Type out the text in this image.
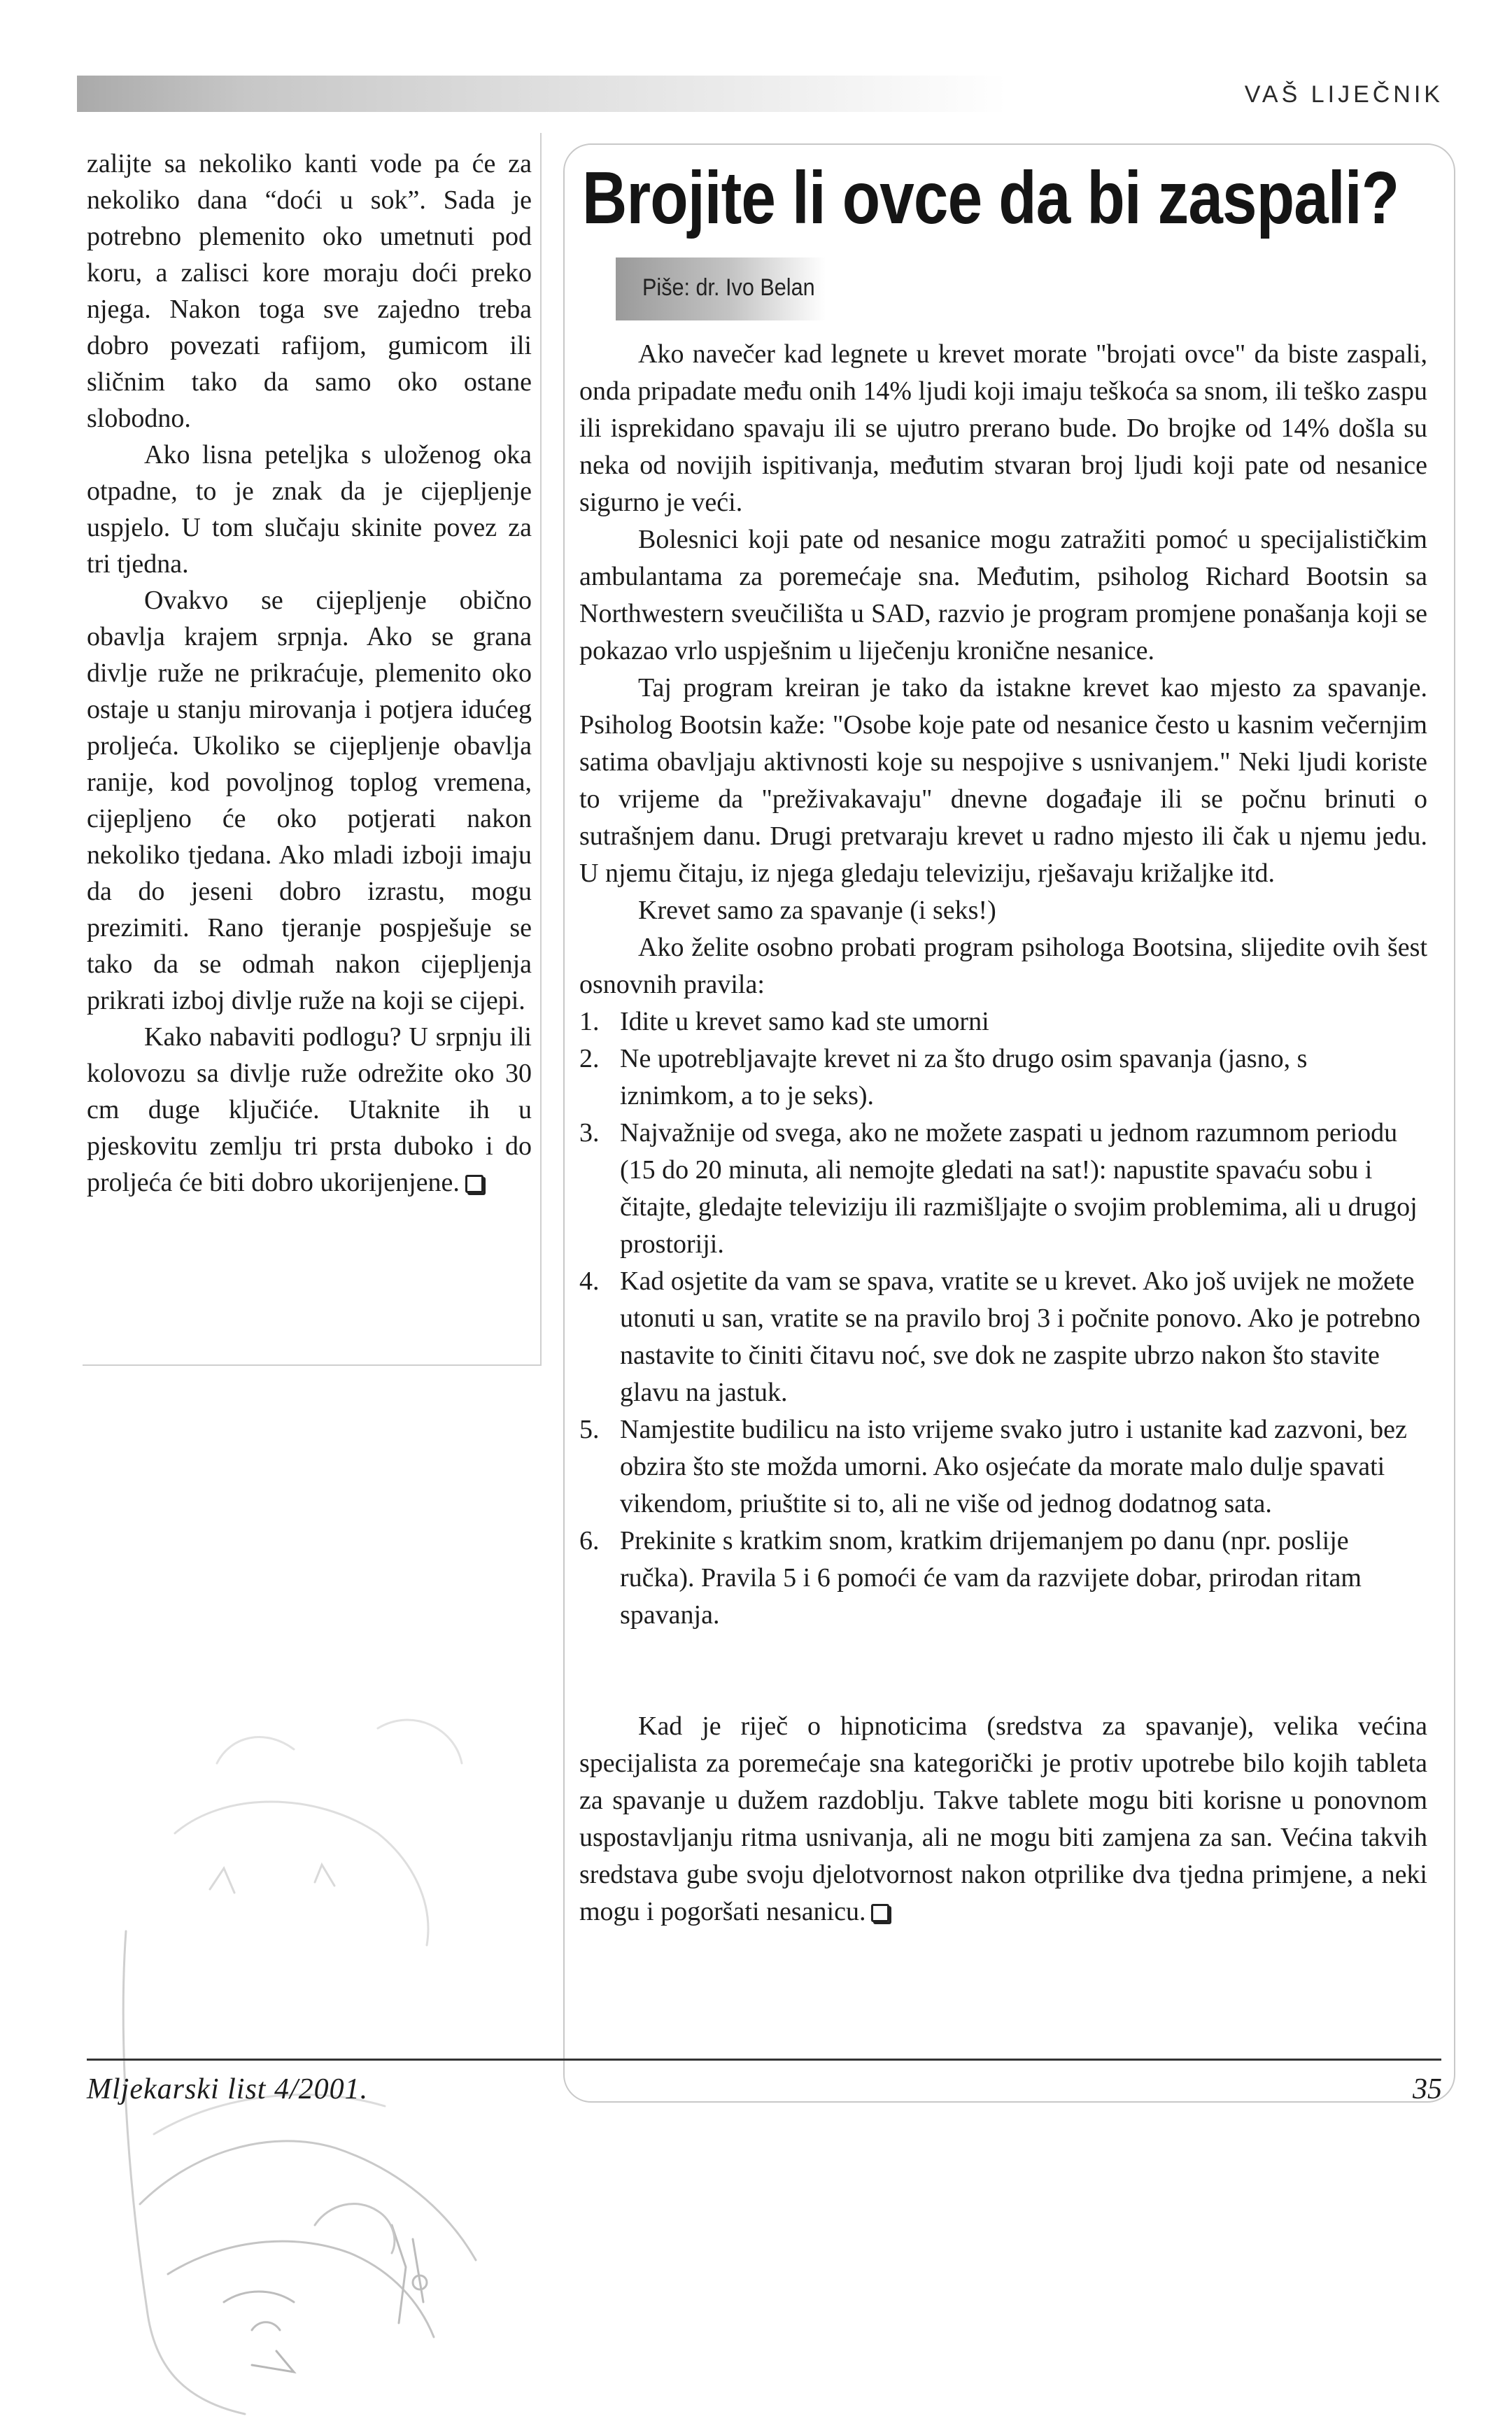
VAŠ LIJEČNIK

zalijte sa nekoliko kanti vode pa će za nekoliko dana “doći u sok”. Sada je potrebno plemenito oko umetnuti pod koru, a zalisci kore moraju doći preko njega. Nakon toga sve zajedno treba dobro povezati rafijom, gumicom ili sličnim tako da samo oko ostane slobodno.

Ako lisna peteljka s uloženog oka otpadne, to je znak da je cijepljenje uspjelo. U tom slučaju skinite povez za tri tjedna.

Ovakvo se cijepljenje obično obavlja krajem srpnja. Ako se grana divlje ruže ne prikraćuje, plemenito oko ostaje u stanju mirovanja i potjera idućeg proljeća. Ukoliko se cijepljenje obavlja ranije, kod povoljnog toplog vremena, cijepljeno će oko potjerati nakon nekoliko tjedana. Ako mladi izboji imaju da do jeseni dobro izrastu, mogu prezimiti. Rano tjeranje pospješuje se tako da se odmah nakon cijepljenja prikrati izboj divlje ruže na koji se cijepi.

Kako nabaviti podlogu? U srpnju ili kolovozu sa divlje ruže odrežite oko 30 cm duge ključiće. Utaknite ih u pjeskovitu zemlju tri prsta duboko i do proljeća će biti dobro ukorijenjene.

Brojite li ovce da bi zaspali?
Piše: dr. Ivo Belan

Ako navečer kad legnete u krevet morate "brojati ovce" da biste zaspali, onda pripadate među onih 14% ljudi koji imaju teškoća sa snom, ili teško zaspu ili isprekidano spavaju ili se ujutro prerano bude. Do brojke od 14% došla su neka od novijih ispitivanja, međutim stvaran broj ljudi koji pate od nesanice sigurno je veći.

Bolesnici koji pate od nesanice mogu zatražiti pomoć u specijalističkim ambulantama za poremećaje sna. Međutim, psiholog Richard Bootsin sa Northwestern sveučilišta u SAD, razvio je program promjene ponašanja koji se pokazao vrlo uspješnim u liječenju kronične nesanice.

Taj program kreiran je tako da istakne krevet kao mjesto za spavanje. Psiholog Bootsin kaže: "Osobe koje pate od nesanice često u kasnim večernjim satima obavljaju aktivnosti koje su nespojive s usnivanjem." Neki ljudi koriste to vrijeme da "preživakavaju" dnevne događaje ili se počnu brinuti o sutrašnjem danu. Drugi pretvaraju krevet u radno mjesto ili čak u njemu jedu. U njemu čitaju, iz njega gledaju televiziju, rješavaju križaljke itd.

Krevet samo za spavanje (i seks!)

Ako želite osobno probati program psihologa Bootsina, slijedite ovih šest osnovnih pravila:

1. Idite u krevet samo kad ste umorni
2. Ne upotrebljavajte krevet ni za što drugo osim spavanja (jasno, s iznimkom, a to je seks).
3. Najvažnije od svega, ako ne možete zaspati u jednom razumnom periodu (15 do 20 minuta, ali nemojte gledati na sat!): napustite spavaću sobu i čitajte, gledajte televiziju ili razmišljajte o svojim problemima, ali u drugoj prostoriji.
4. Kad osjetite da vam se spava, vratite se u krevet. Ako još uvijek ne možete utonuti u san, vratite se na pravilo broj 3 i počnite ponovo. Ako je potrebno nastavite to činiti čitavu noć, sve dok ne zaspite ubrzo nakon što stavite glavu na jastuk.
5. Namjestite budilicu na isto vrijeme svako jutro i ustanite kad zazvoni, bez obzira što ste možda umorni. Ako osjećate da morate malo dulje spavati vikendom, priuštite si to, ali ne više od jednog dodatnog sata.
6. Prekinite s kratkim snom, kratkim drijemanjem po danu (npr. poslije ručka). Pravila 5 i 6 pomoći će vam da razvijete dobar, prirodan ritam spavanja.

Kad je riječ o hipnoticima (sredstva za spavanje), velika većina specijalista za poremećaje sna kategorički je protiv upotrebe bilo kojih tableta za spavanje u dužem razdoblju. Takve tablete mogu biti korisne u ponovnom uspostavljanju ritma usnivanja, ali ne mogu biti zamjena za san. Većina takvih sredstava gube svoju djelotvornost nakon otprilike dva tjedna primjene, a neki mogu i pogoršati nesanicu.

Mljekarski list 4/2001.	35
